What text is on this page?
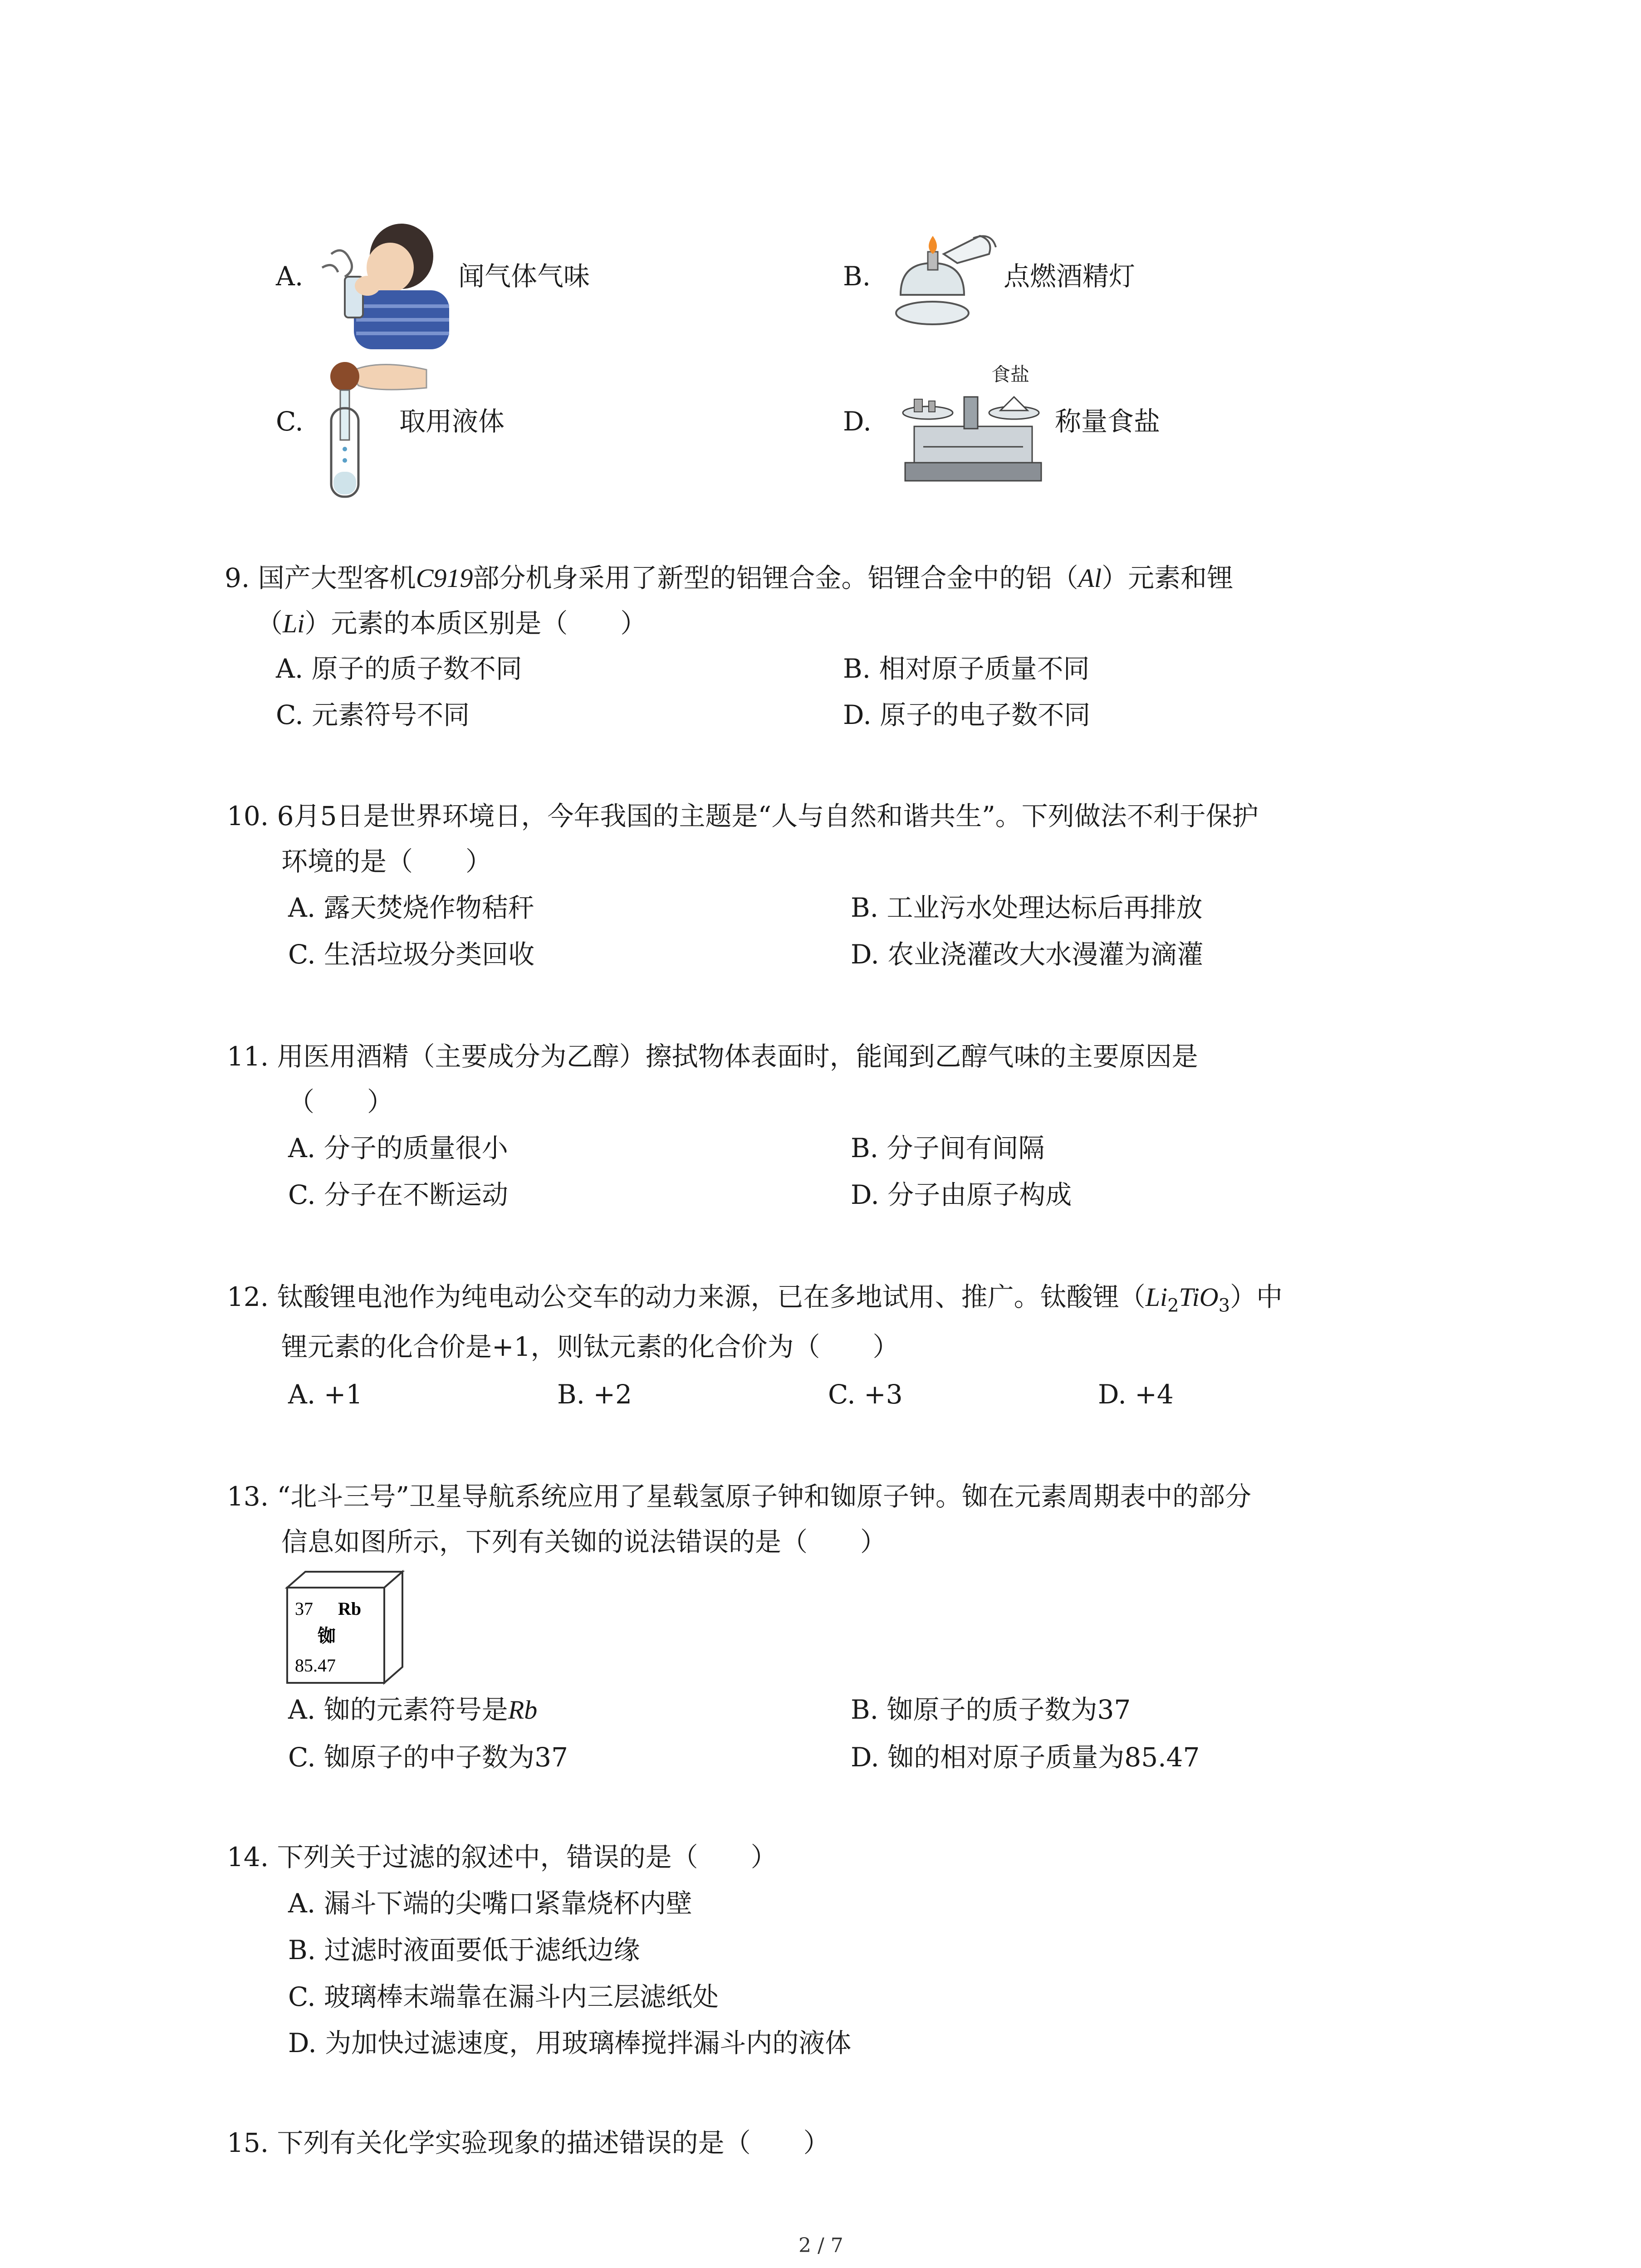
A.	闻气体气味	B.	点燃酒精灯
C.	取用液体	D.
食盐
称量食盐
9. 国产大型客机C919部分机身采用了新型的铝锂合金。铝锂合金中的铝（Al）元素和锂
（Li）元素的本质区别是（　　）
A. 原子的质子数不同	B. 相对原子质量不同
C. 元素符号不同	D. 原子的电子数不同
10. 6月5日是世界环境日，今年我国的主题是“人与自然和谐共生”。下列做法不利于保护
环境的是（　　）
A. 露天焚烧作物秸秆	B. 工业污水处理达标后再排放
C. 生活垃圾分类回收	D. 农业浇灌改大水漫灌为滴灌
11. 用医用酒精（主要成分为乙醇）擦拭物体表面时，能闻到乙醇气味的主要原因是
（　　）
A. 分子的质量很小	B. 分子间有间隔
C. 分子在不断运动	D. 分子由原子构成
12. 钛酸锂电池作为纯电动公交车的动力来源，已在多地试用、推广。钛酸锂$(Li_2TiO_3)$中
锂元素的化合价是+1，则钛元素的化合价为（　　）
A. +1	B. +2	C. +3	D. +4
13. “北斗三号”卫星导航系统应用了星载氢原子钟和铷原子钟。铷在元素周期表中的部分
信息如图所示，下列有关铷的说法错误的是（　　）
37 Rb
铷
85.47
A. 铷的元素符号是Rb	B. 铷原子的质子数为37
C. 铷原子的中子数为37	D. 铷的相对原子质量为85.47
14. 下列关于过滤的叙述中，错误的是（　　）
A. 漏斗下端的尖嘴口紧靠烧杯内壁
B. 过滤时液面要低于滤纸边缘
C. 玻璃棒末端靠在漏斗内三层滤纸处
D. 为加快过滤速度，用玻璃棒搅拌漏斗内的液体
15. 下列有关化学实验现象的描述错误的是（　　）
2 / 7
